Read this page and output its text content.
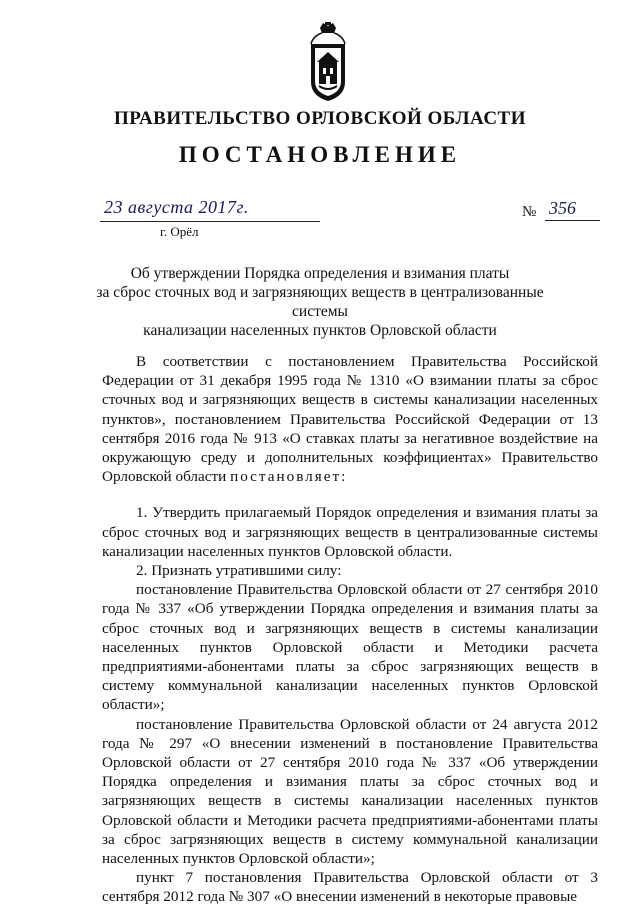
ПРАВИТЕЛЬСТВО ОРЛОВСКОЙ ОБЛАСТИ
ПОСТАНОВЛЕНИЕ
23 августа 2017г.
г. Орёл
№ 356
Об утверждении Порядка определения и взимания платы
за сброс сточных вод и загрязняющих веществ в централизованные системы
канализации населенных пунктов Орловской области

В соответствии с постановлением Правительства Российской Федерации от 31 декабря 1995 года № 1310 «О взимании платы за сброс сточных вод и загрязняющих веществ в системы канализации населенных пунктов», постановлением Правительства Российской Федерации от 13 сентября 2016 года № 913 «О ставках платы за негативное воздействие на окружающую среду и дополнительных коэффициентах» Правительство Орловской области постановляет:

1. Утвердить прилагаемый Порядок определения и взимания платы за сброс сточных вод и загрязняющих веществ в централизованные системы канализации населенных пунктов Орловской области.

2. Признать утратившими силу:

постановление Правительства Орловской области от 27 сентября 2010 года № 337 «Об утверждении Порядка определения и взимания платы за сброс сточных вод и загрязняющих веществ в системы канализации населенных пунктов Орловской области и Методики расчета предприятиями-абонентами платы за сброс загрязняющих веществ в систему коммунальной канализации населенных пунктов Орловской области»;

постановление Правительства Орловской области от 24 августа 2012 года № 297 «О внесении изменений в постановление Правительства Орловской области от 27 сентября 2010 года № 337 «Об утверждении Порядка определения и взимания платы за сброс сточных вод и загрязняющих веществ в системы канализации населенных пунктов Орловской области и Методики расчета предприятиями-абонентами платы за сброс загрязняющих веществ в систему коммунальной канализации населенных пунктов Орловской области»;

пункт 7 постановления Правительства Орловской области от 3 сентября 2012 года № 307 «О внесении изменений в некоторые правовые
